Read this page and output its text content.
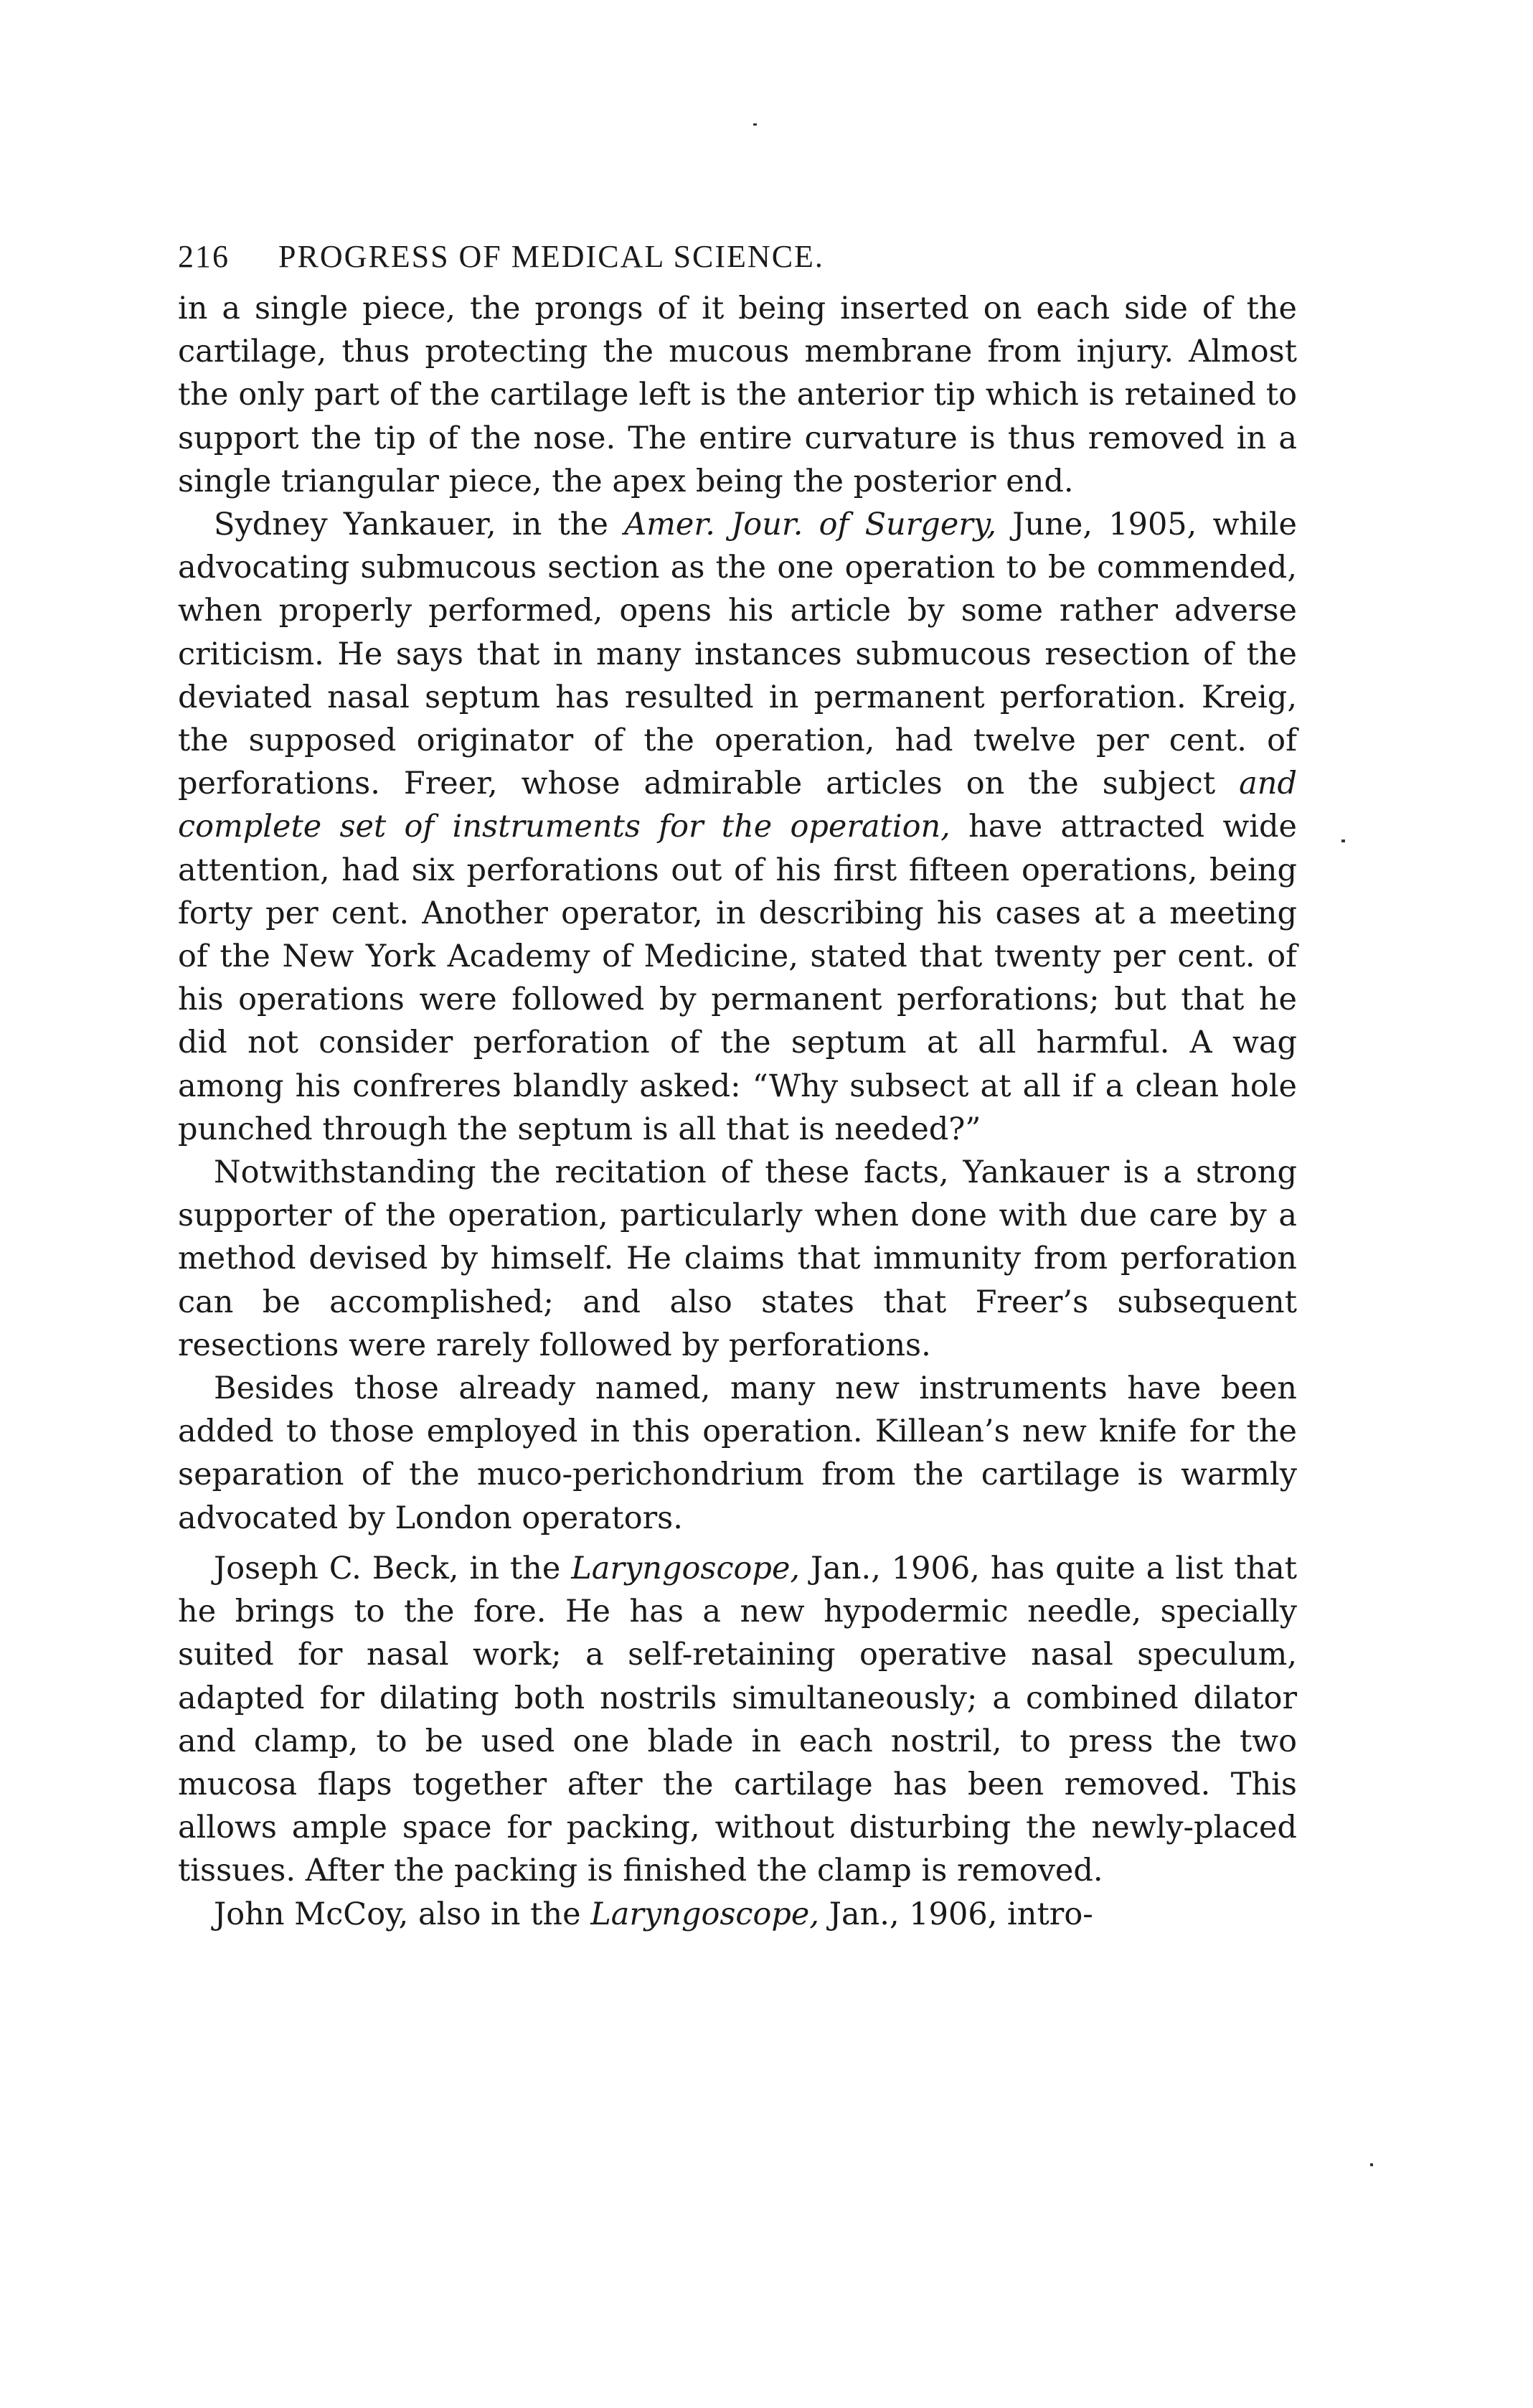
216 PROGRESS OF MEDICAL SCIENCE.

in a single piece, the prongs of it being inserted on each side of the cartilage, thus protecting the mucous membrane from injury. Almost the only part of the cartilage left is the anterior tip which is retained to support the tip of the nose. The entire curvature is thus removed in a single triangular piece, the apex being the posterior end.

Sydney Yankauer, in the Amer. Jour. of Surgery, June, 1905, while advocating submucous section as the one operation to be commended, when properly performed, opens his article by some rather adverse criticism. He says that in many instances submucous resection of the deviated nasal septum has resulted in permanent perforation. Kreig, the supposed originator of the operation, had twelve per cent. of perforations. Freer, whose admirable articles on the subject and complete set of instruments for the operation, have attracted wide attention, had six perforations out of his first fifteen operations, being forty per cent. Another operator, in describing his cases at a meeting of the New York Academy of Medicine, stated that twenty per cent. of his operations were followed by permanent perforations; but that he did not consider perforation of the septum at all harmful. A wag among his confreres blandly asked: “Why subsect at all if a clean hole punched through the septum is all that is needed?”

Notwithstanding the recitation of these facts, Yankauer is a strong supporter of the operation, particularly when done with due care by a method devised by himself. He claims that immunity from perforation can be accomplished; and also states that Freer’s subsequent resections were rarely followed by perforations.

Besides those already named, many new instruments have been added to those employed in this operation. Killean’s new knife for the separation of the muco-perichondrium from the cartilage is warmly advocated by London operators.

Joseph C. Beck, in the Laryngoscope, Jan., 1906, has quite a list that he brings to the fore. He has a new hypodermic needle, specially suited for nasal work; a self-retaining operative nasal speculum, adapted for dilating both nostrils simultaneously; a combined dilator and clamp, to be used one blade in each nostril, to press the two mucosa flaps together after the cartilage has been removed. This allows ample space for packing, without disturbing the newly-placed tissues. After the packing is finished the clamp is removed.

John McCoy, also in the Laryngoscope, Jan., 1906, intro-
